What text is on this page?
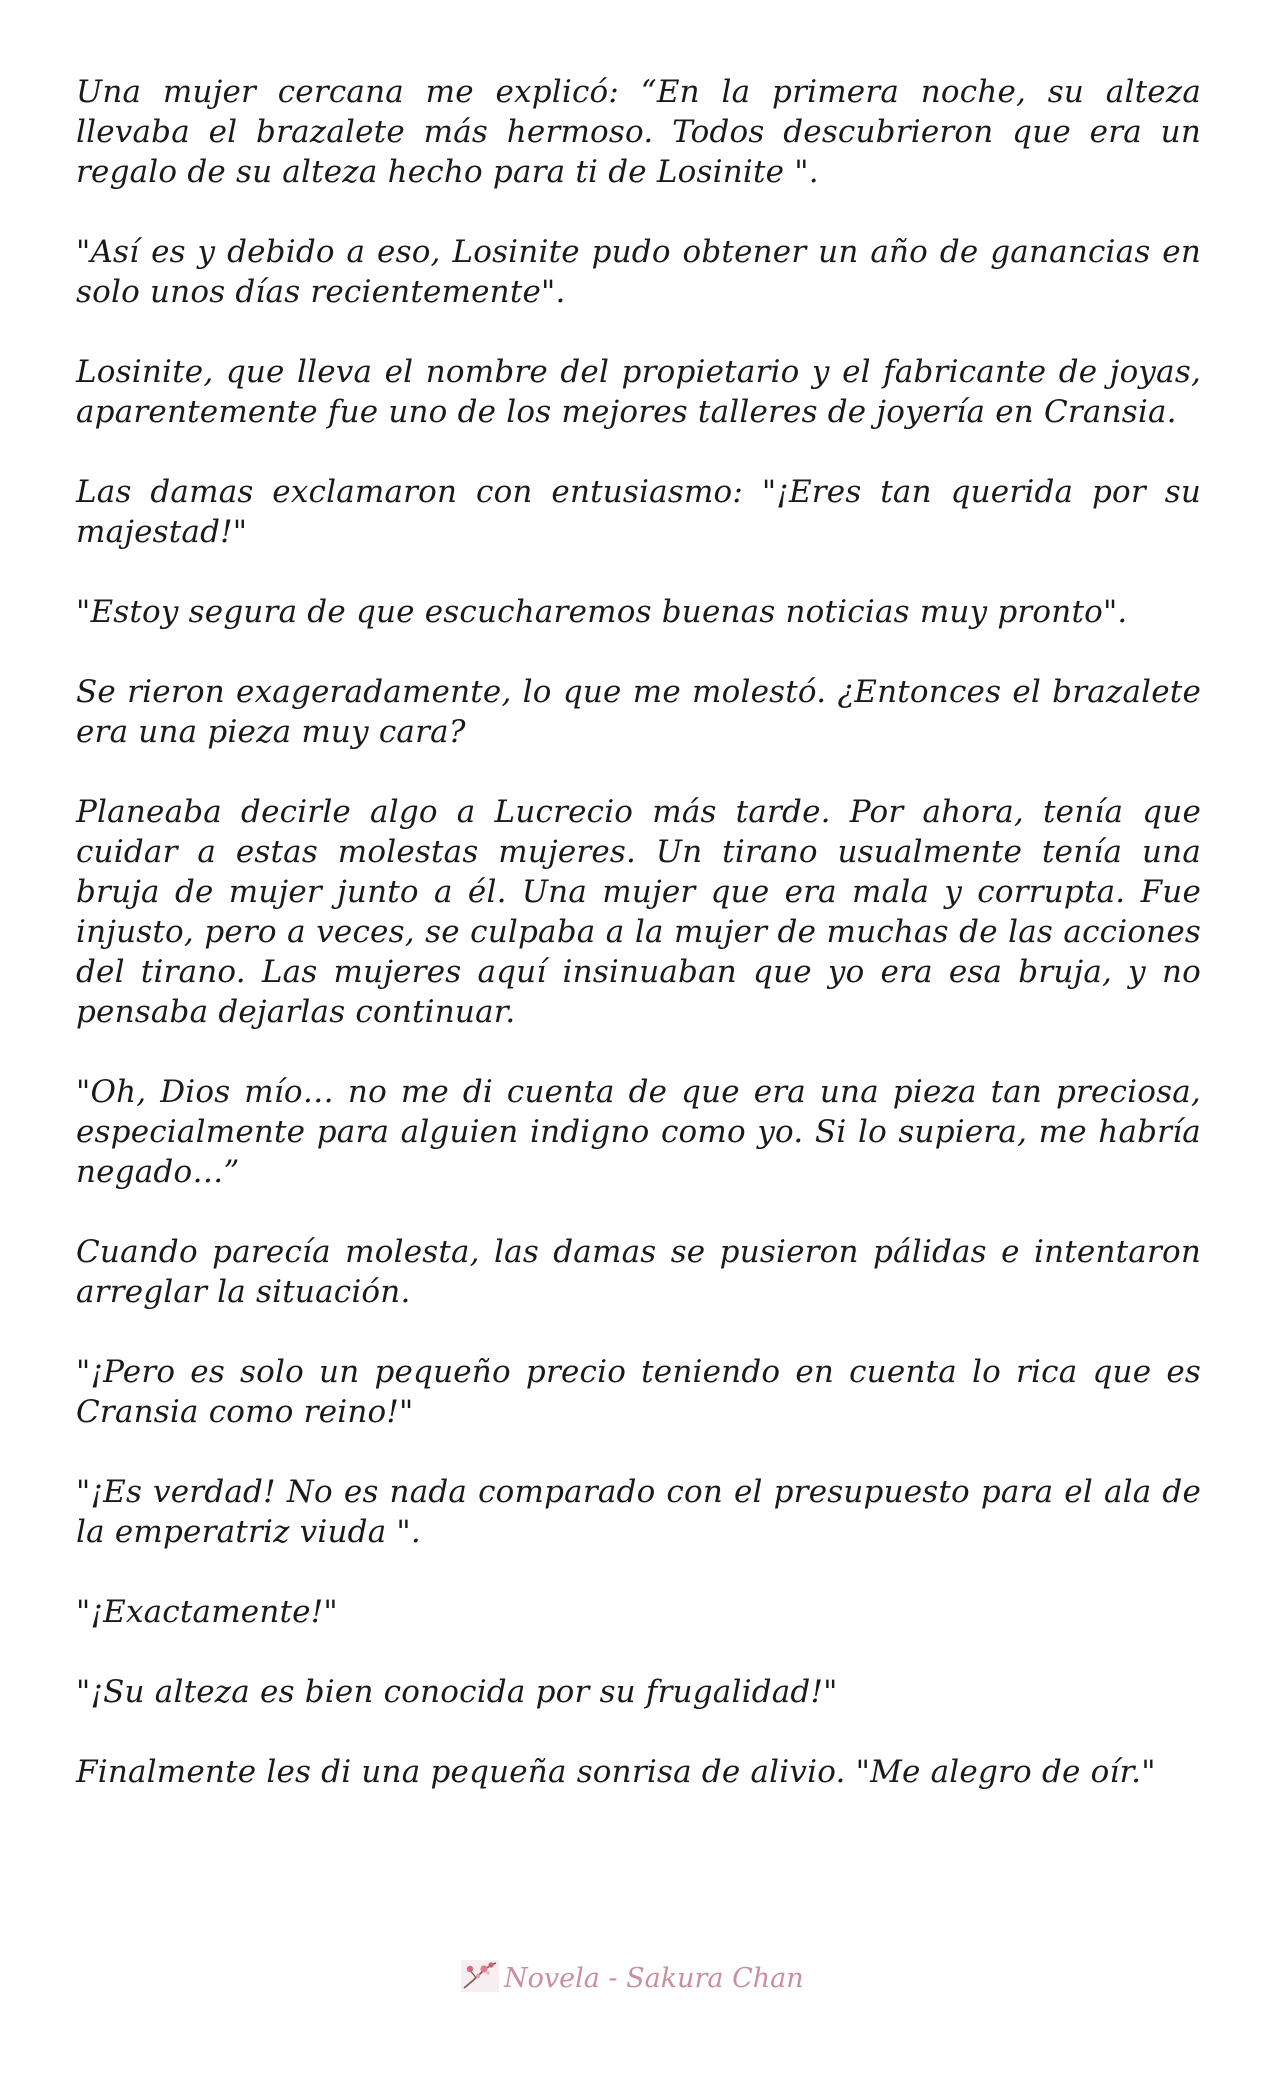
Una mujer cercana me explicó: “En la primera noche, su alteza llevaba el brazalete más hermoso. Todos descubrieron que era un regalo de su alteza hecho para ti de Losinite ".

"Así es y debido a eso, Losinite pudo obtener un año de ganancias en solo unos días recientemente".

Losinite, que lleva el nombre del propietario y el fabricante de joyas, aparentemente fue uno de los mejores talleres de joyería en Cransia.

Las damas exclamaron con entusiasmo: "¡Eres tan querida por su majestad!"

"Estoy segura de que escucharemos buenas noticias muy pronto".

Se rieron exageradamente, lo que me molestó. ¿Entonces el brazalete era una pieza muy cara?

Planeaba decirle algo a Lucrecio más tarde. Por ahora, tenía que cuidar a estas molestas mujeres. Un tirano usualmente tenía una bruja de mujer junto a él. Una mujer que era mala y corrupta. Fue injusto, pero a veces, se culpaba a la mujer de muchas de las acciones del tirano. Las mujeres aquí insinuaban que yo era esa bruja, y no pensaba dejarlas continuar.

"Oh, Dios mío… no me di cuenta de que era una pieza tan preciosa, especialmente para alguien indigno como yo. Si lo supiera, me habría negado…”

Cuando parecía molesta, las damas se pusieron pálidas e intentaron arreglar la situación.

"¡Pero es solo un pequeño precio teniendo en cuenta lo rica que es Cransia como reino!"

"¡Es verdad! No es nada comparado con el presupuesto para el ala de la emperatriz viuda ".

"¡Exactamente!"

"¡Su alteza es bien conocida por su frugalidad!"

Finalmente les di una pequeña sonrisa de alivio. "Me alegro de oír."

Novela - Sakura Chan
